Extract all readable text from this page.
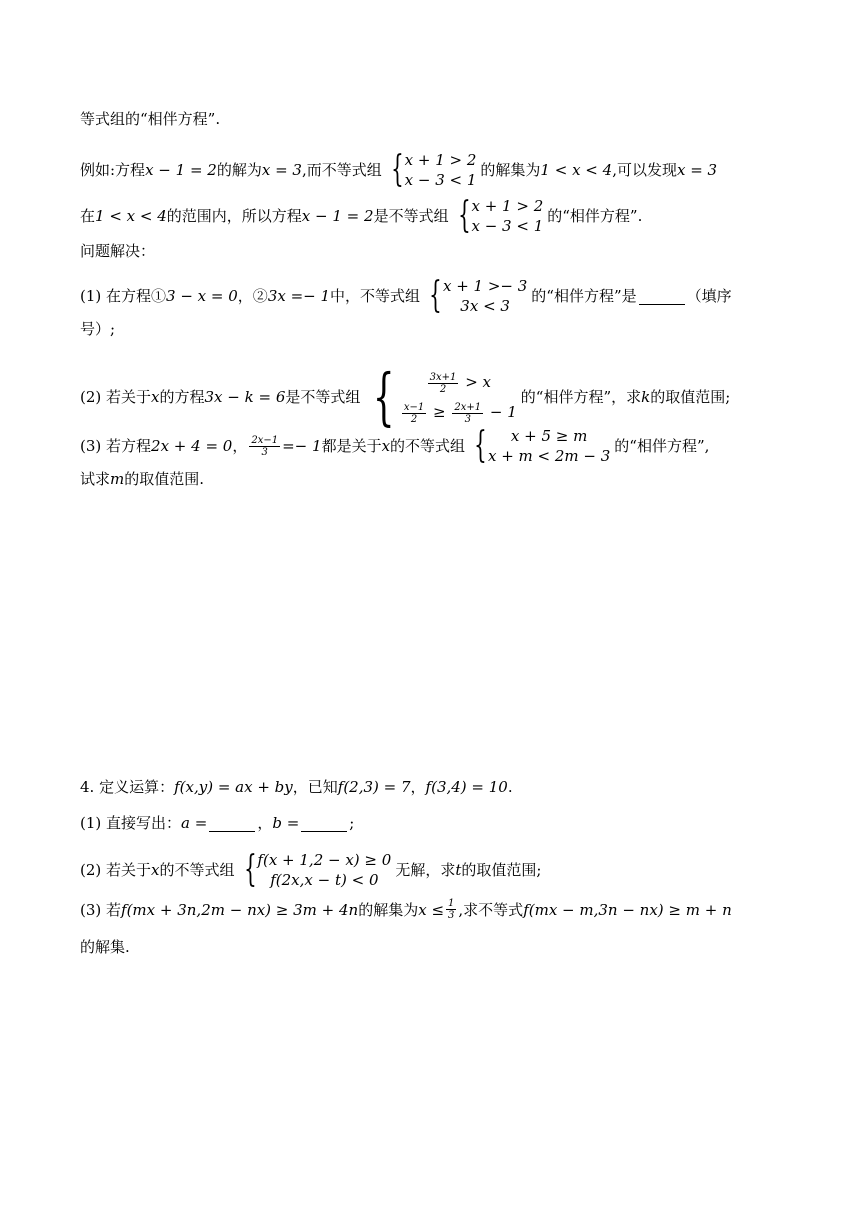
等式组的“相伴方程”.
例如:方程 x − 1 = 2 的解为 x = 3 ,而不等式组 { x + 1 > 2
x − 3 < 1
的解集为 1 < x < 4 ,可以发现 x = 3
在 1 < x < 4 的范围内，所以方程 x − 1 = 2 是不等式组 { x + 1 > 2
x − 3 < 1
的“相伴方程”.
问题解决：
(1) 在方程① 3 − x = 0 ，② 3x =− 1 中，不等式组 { x + 1 >− 3
3x < 3
的“相伴方程”是	（填序
号）;
(2) 若关于 x 的方程 3x − k = 6 是不等式组 {	$\frac{3x+1}{2} > x$
$\frac{x-1}{2} \ge \frac{2x+1}{3} - 1$
的“相伴方程”，求 k 的取值范围;
(3) 若方程 2x + 4 = 0 ， $\frac{2x-1}{3} =- 1$ 都是关于 x 的不等式组 { x + 5 ≥ m
x + m < 2m − 3
的“相伴方程”,
试求 m 的取值范围.
4. 定义运算： f(x,y) = ax + by ，已知 f(2,3) = 7 ， f(3,4) = 10 .
(1) 直接写出： a =	， b =	;
(2) 若关于 x 的不等式组 { f(x + 1,2 − x) ≥ 0
f(2x,x − t) < 0
无解，求 t 的取值范围;
(3) 若 f(mx + 3n,2m − nx) ≥ 3m + 4n 的解集为 $x \le \frac{1}{3}$ ,求不等式 f(mx − m,3n − nx) ≥ m + n
的解集.
